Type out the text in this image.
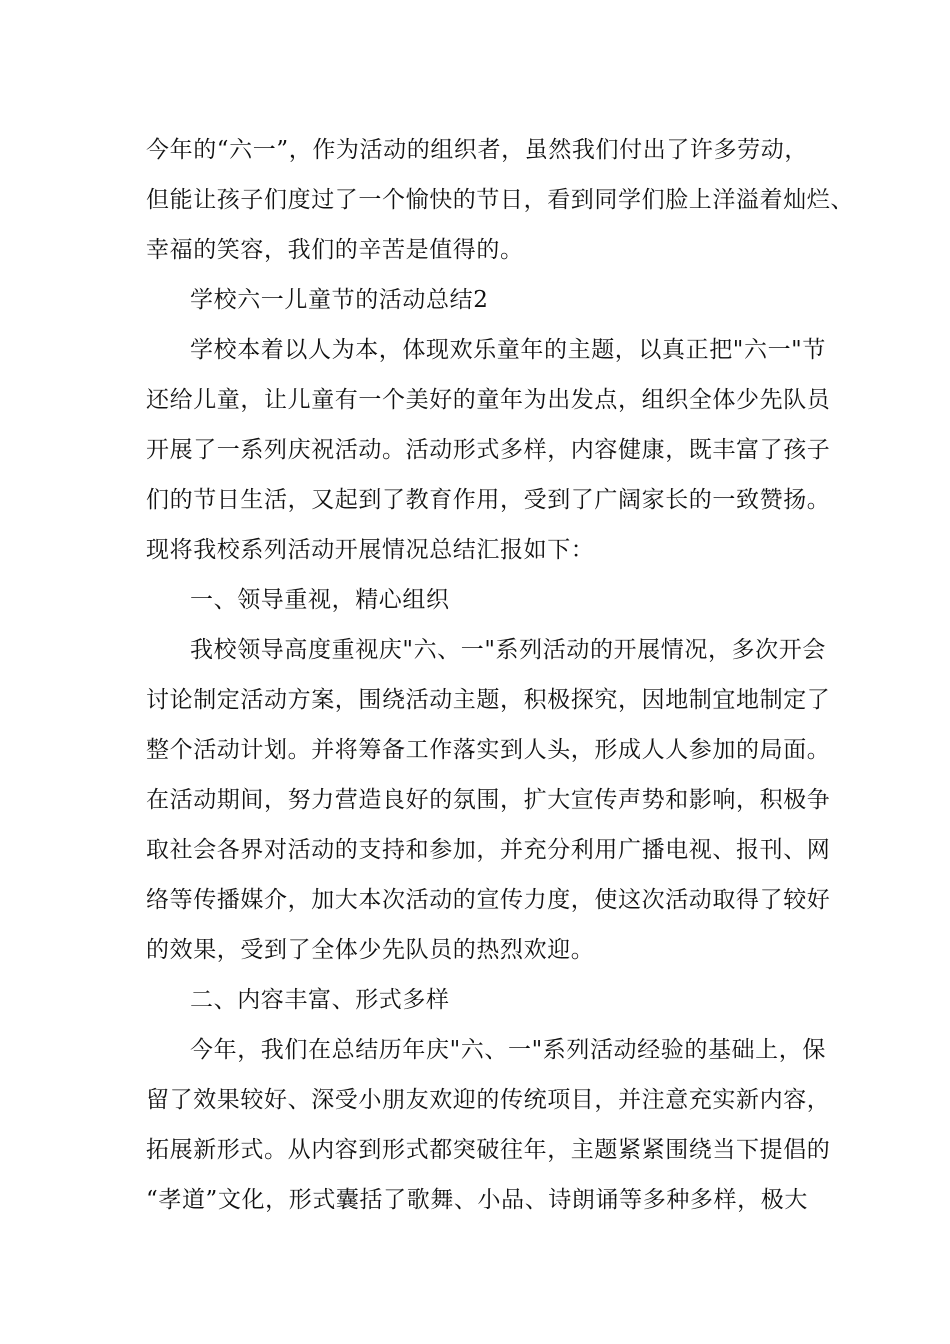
今年的“六一”，作为活动的组织者，虽然我们付出了许多劳动，
但能让孩子们度过了一个愉快的节日，看到同学们脸上洋溢着灿烂、
幸福的笑容，我们的辛苦是值得的。
学校六一儿童节的活动总结2
学校本着以人为本，体现欢乐童年的主题，以真正把"六一"节
还给儿童，让儿童有一个美好的童年为出发点，组织全体少先队员
开展了一系列庆祝活动。活动形式多样，内容健康，既丰富了孩子
们的节日生活，又起到了教育作用，受到了广阔家长的一致赞扬。
现将我校系列活动开展情况总结汇报如下：
一、领导重视，精心组织
我校领导高度重视庆"六、一"系列活动的开展情况，多次开会
讨论制定活动方案，围绕活动主题，积极探究，因地制宜地制定了
整个活动计划。并将筹备工作落实到人头，形成人人参加的局面。
在活动期间，努力营造良好的氛围，扩大宣传声势和影响，积极争
取社会各界对活动的支持和参加，并充分利用广播电视、报刊、网
络等传播媒介，加大本次活动的宣传力度，使这次活动取得了较好
的效果，受到了全体少先队员的热烈欢迎。
二、内容丰富、形式多样
今年，我们在总结历年庆"六、一"系列活动经验的基础上，保
留了效果较好、深受小朋友欢迎的传统项目，并注意充实新内容，
拓展新形式。从内容到形式都突破往年，主题紧紧围绕当下提倡的
“孝道”文化，形式囊括了歌舞、小品、诗朗诵等多种多样，极大
